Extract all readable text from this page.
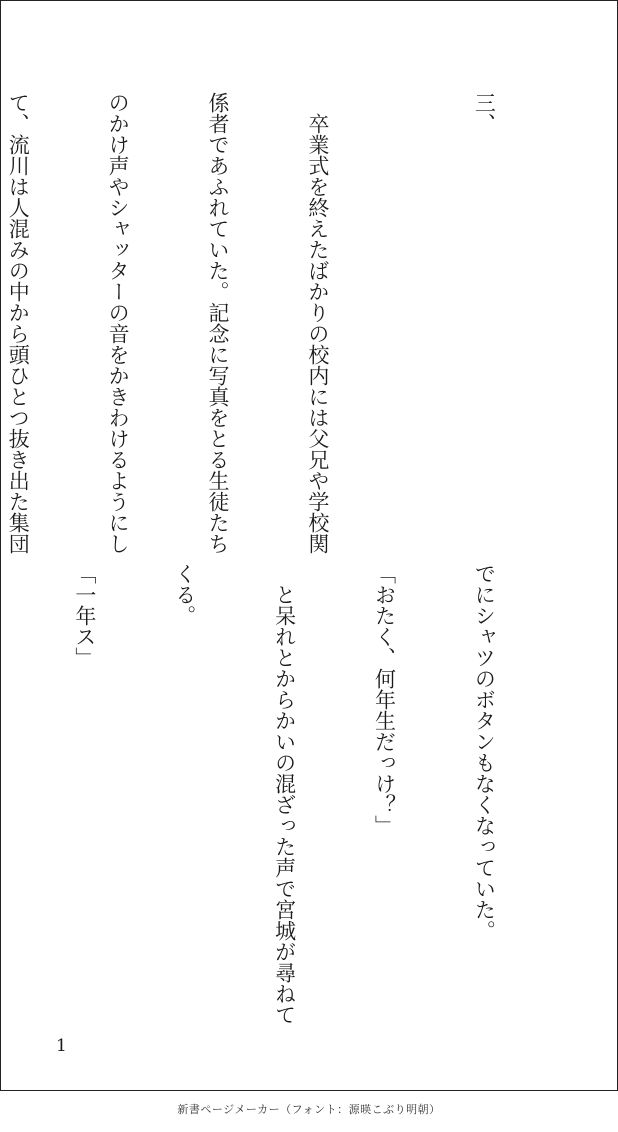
三、

　卒業式を終えたばかりの校内には父兄や学校関

係者であふれていた。記念に写真をとる生徒たち

のかけ声やシャッターの音をかきわけるようにし

て、流川は人混みの中から頭ひとつ抜き出た集団

でにシャツのボタンもなくなっていた。

「おたく、何年生だっけ？」

　と呆れとからかいの混ざった声で宮城が尋ねて

くる。

「一年ス」

1
新書ページメーカー（フォント：源暎こぶり明朝）
